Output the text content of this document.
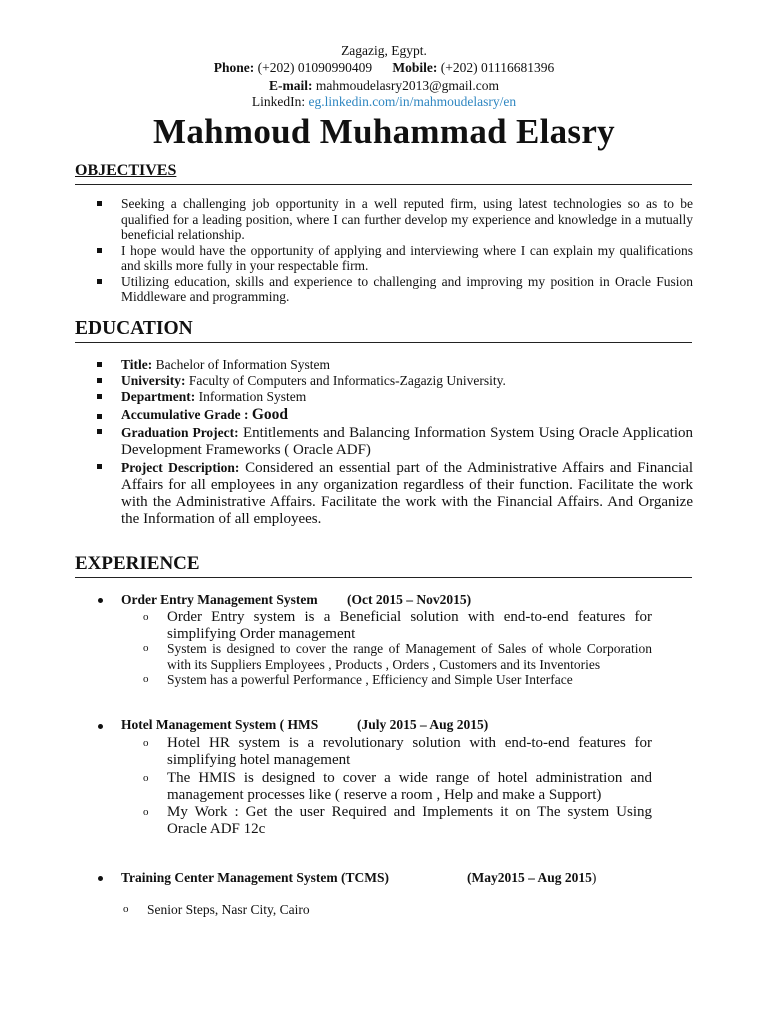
Zagazig, Egypt.
Phone: (+202) 01090990409 Mobile: (+202) 01116681396
E-mail: mahmoudelasry2013@gmail.com
LinkedIn: eg.linkedin.com/in/mahmoudelasry/en
Mahmoud Muhammad Elasry
OBJECTIVES
Seeking a challenging job opportunity in a well reputed firm, using latest technologies so as to be qualified for a leading position, where I can further develop my experience and knowledge in a mutually beneficial relationship.
I hope would have the opportunity of applying and interviewing where I can explain my qualifications and skills more fully in your respectable firm.
Utilizing education, skills and experience to challenging and improving my position in Oracle Fusion Middleware and programming.
EDUCATION
Title: Bachelor of Information System
University: Faculty of Computers and Informatics-Zagazig University.
Department: Information System
Accumulative Grade : Good
Graduation Project: Entitlements and Balancing Information System Using Oracle Application Development Frameworks ( Oracle ADF)
Project Description: Considered an essential part of the Administrative Affairs and Financial Affairs for all employees in any organization regardless of their function. Facilitate the work with the Administrative Affairs. Facilitate the work with the Financial Affairs. And Organize the Information of all employees.
EXPERIENCE
Order Entry Management System (Oct 2015 – Nov2015)
o Order Entry system is a Beneficial solution with end-to-end features for simplifying Order management
o System is designed to cover the range of Management of Sales of whole Corporation with its Suppliers Employees , Products , Orders , Customers and its Inventories
o System has a powerful Performance , Efficiency and Simple User Interface
Hotel Management System ( HMS	(July 2015 – Aug 2015)
o Hotel HR system is a revolutionary solution with end-to-end features for simplifying hotel management
o The HMIS is designed to cover a wide range of hotel administration and management processes like ( reserve a room , Help and make a Support)
o My Work : Get the user Required and Implements it on The system Using Oracle ADF 12c
Training Center Management System (TCMS)	(May2015 – Aug 2015)
o Senior Steps, Nasr City, Cairo
